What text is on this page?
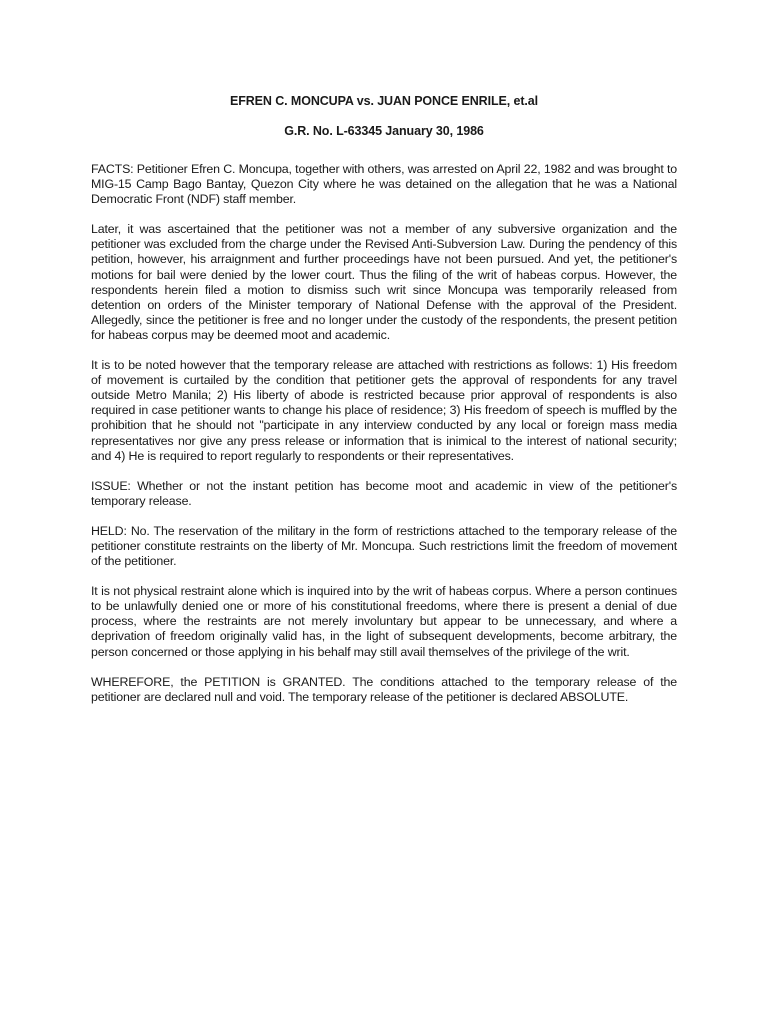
EFREN C. MONCUPA vs. JUAN PONCE ENRILE, et.al

G.R. No. L-63345 January 30, 1986

FACTS: Petitioner Efren C. Moncupa, together with others, was arrested on April 22, 1982 and was brought to MIG-15 Camp Bago Bantay, Quezon City where he was detained on the allegation that he was a National Democratic Front (NDF) staff member.

Later, it was ascertained that the petitioner was not a member of any subversive organization and the petitioner was excluded from the charge under the Revised Anti-Subversion Law. During the pendency of this petition, however, his arraignment and further proceedings have not been pursued. And yet, the petitioner's motions for bail were denied by the lower court. Thus the filing of the writ of habeas corpus. However, the respondents herein filed a motion to dismiss such writ since Moncupa was temporarily released from detention on orders of the Minister temporary of National Defense with the approval of the President. Allegedly, since the petitioner is free and no longer under the custody of the respondents, the present petition for habeas corpus may be deemed moot and academic.

It is to be noted however that the temporary release are attached with restrictions as follows: 1) His freedom of movement is curtailed by the condition that petitioner gets the approval of respondents for any travel outside Metro Manila; 2) His liberty of abode is restricted because prior approval of respondents is also required in case petitioner wants to change his place of residence; 3) His freedom of speech is muffled by the prohibition that he should not "participate in any interview conducted by any local or foreign mass media representatives nor give any press release or information that is inimical to the interest of national security; and 4) He is required to report regularly to respondents or their representatives.

ISSUE: Whether or not the instant petition has become moot and academic in view of the petitioner's temporary release.

HELD: No. The reservation of the military in the form of restrictions attached to the temporary release of the petitioner constitute restraints on the liberty of Mr. Moncupa. Such restrictions limit the freedom of movement of the petitioner.

It is not physical restraint alone which is inquired into by the writ of habeas corpus. Where a person continues to be unlawfully denied one or more of his constitutional freedoms, where there is present a denial of due process, where the restraints are not merely involuntary but appear to be unnecessary, and where a deprivation of freedom originally valid has, in the light of subsequent developments, become arbitrary, the person concerned or those applying in his behalf may still avail themselves of the privilege of the writ.

WHEREFORE, the PETITION is GRANTED. The conditions attached to the temporary release of the petitioner are declared null and void. The temporary release of the petitioner is declared ABSOLUTE.
